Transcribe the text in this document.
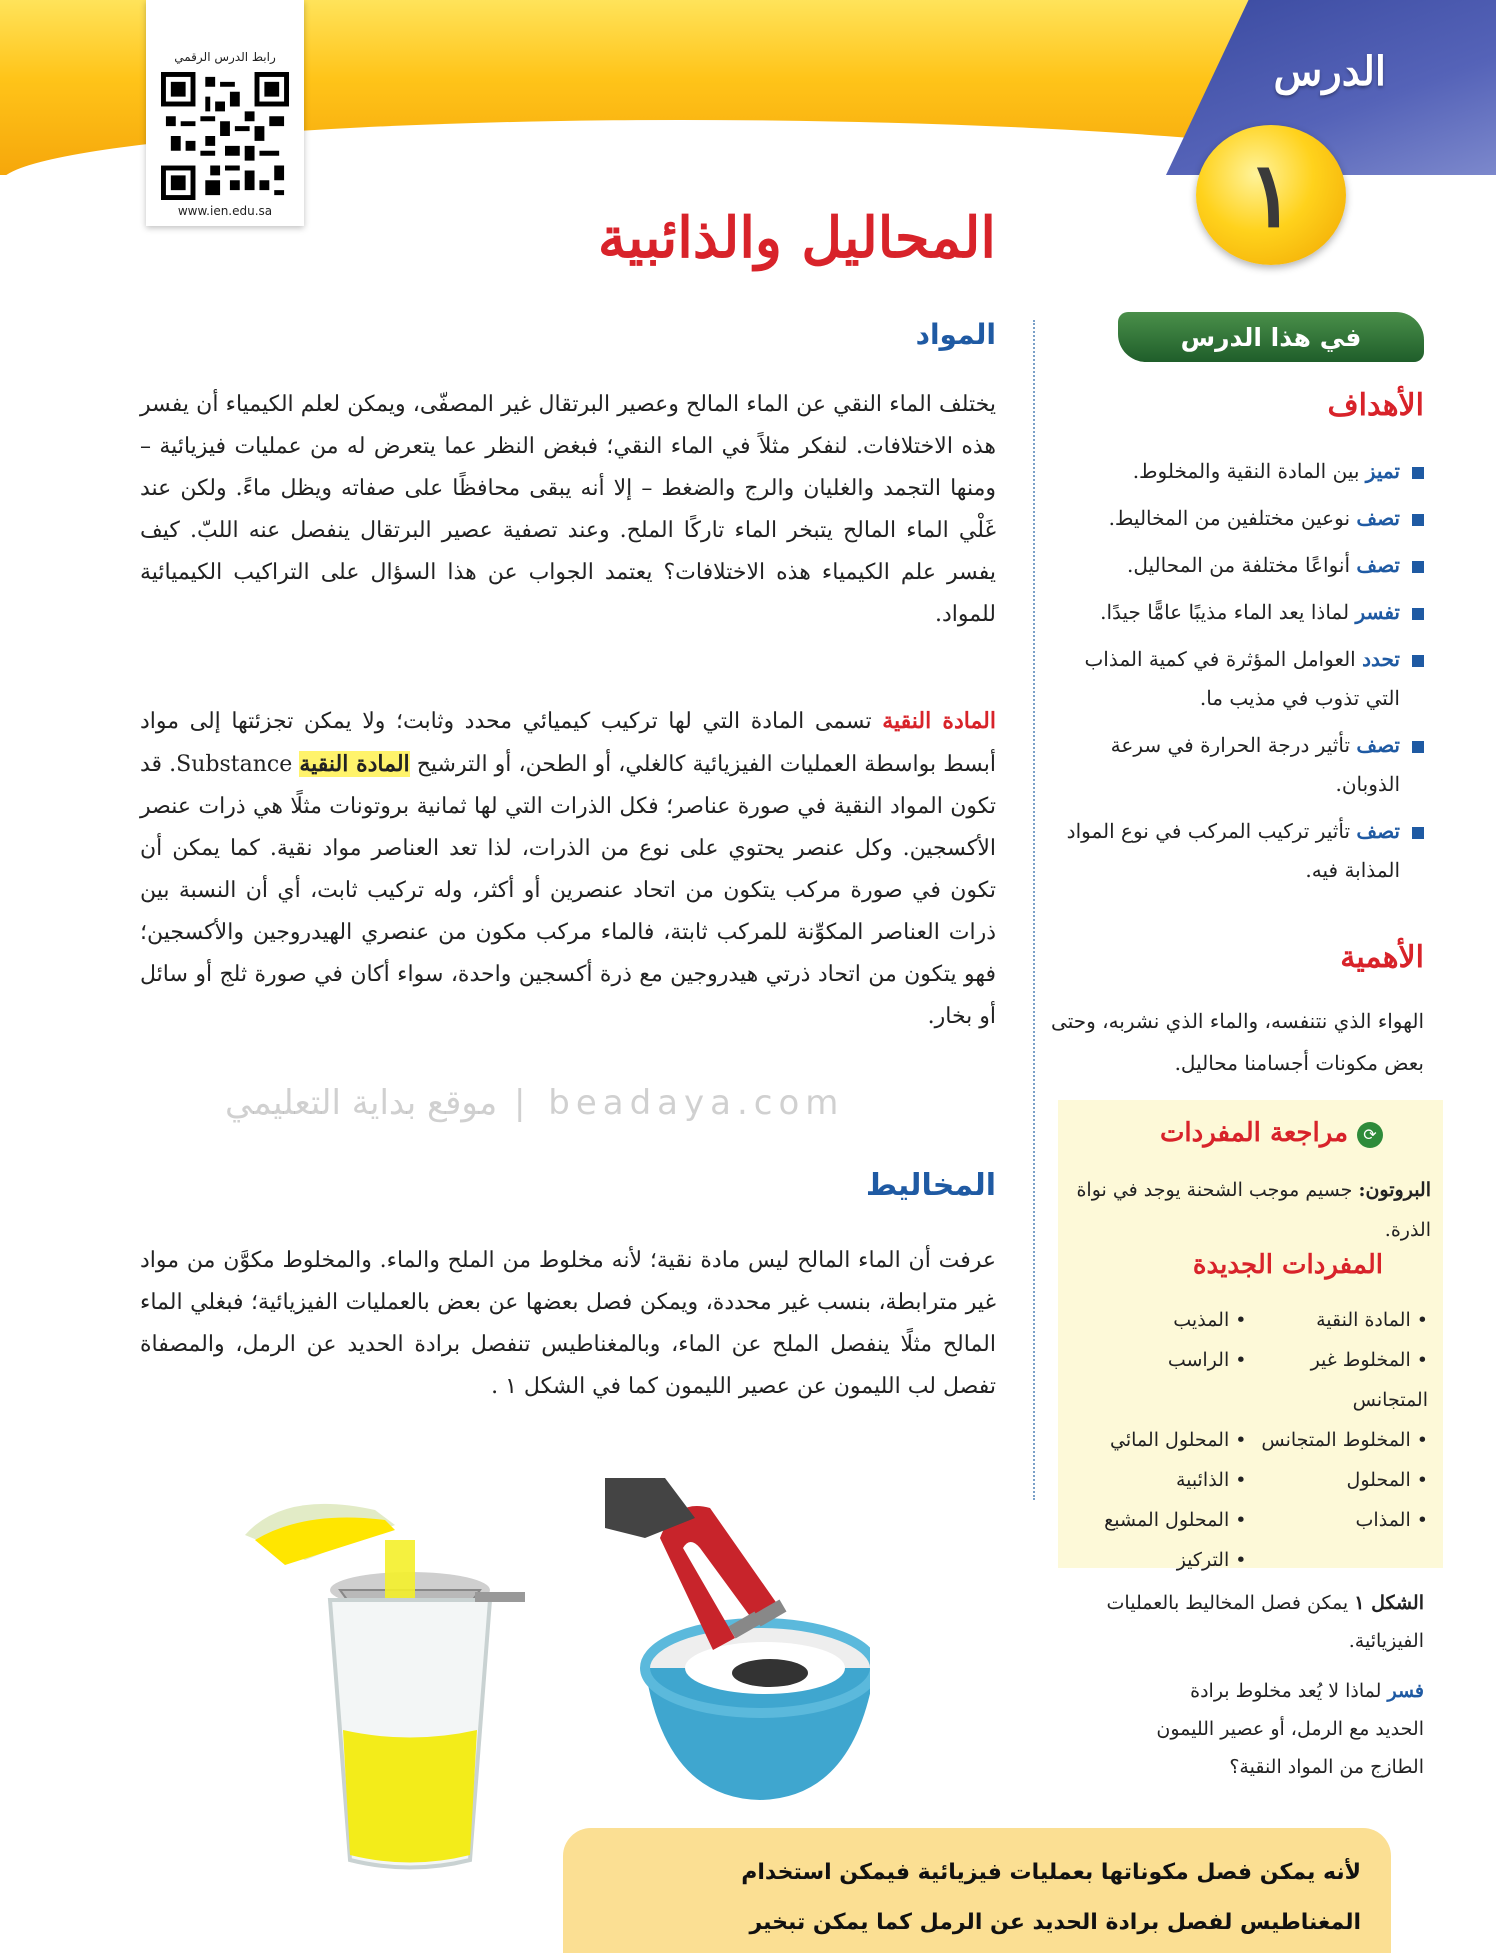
الدرس
١
رابط الدرس الرقمي
www.ien.edu.sa	المحاليل والذائبية
المواد
يختلف الماء النقي عن الماء المالح وعصير البرتقال غير المصفّى، ويمكن لعلم الكيمياء أن يفسر هذه الاختلافات. لنفكر مثلاً في الماء النقي؛ فبغض النظر عما يتعرض له من عمليات فيزيائية – ومنها التجمد والغليان والرج والضغط – إلا أنه يبقى محافظًا على صفاته ويظل ماءً. ولكن عند غَلْي الماء المالح يتبخر الماء تاركًا الملح. وعند تصفية عصير البرتقال ينفصل عنه اللبّ. كيف يفسر علم الكيمياء هذه الاختلافات؟ يعتمد الجواب عن هذا السؤال على التراكيب الكيميائية للمواد.
المادة النقية تسمى المادة التي لها تركيب كيميائي محدد وثابت؛ ولا يمكن تجزئتها إلى مواد أبسط بواسطة العمليات الفيزيائية كالغلي، أو الطحن، أو الترشيح المادة النقية Substance. قد تكون المواد النقية في صورة عناصر؛ فكل الذرات التي لها ثمانية بروتونات مثلًا هي ذرات عنصر الأكسجين. وكل عنصر يحتوي على نوع من الذرات، لذا تعد العناصر مواد نقية. كما يمكن أن تكون في صورة مركب يتكون من اتحاد عنصرين أو أكثر، وله تركيب ثابت، أي أن النسبة بين ذرات العناصر المكوِّنة للمركب ثابتة، فالماء مركب مكون من عنصري الهيدروجين والأكسجين؛ فهو يتكون من اتحاد ذرتي هيدروجين مع ذرة أكسجين واحدة، سواء أكان في صورة ثلج أو سائل أو بخار.
beadaya.com | موقع بداية التعليمي
المخاليط
عرفت أن الماء المالح ليس مادة نقية؛ لأنه مخلوط من الملح والماء. والمخلوط مكوَّن من مواد غير مترابطة، بنسب غير محددة، ويمكن فصل بعضها عن بعض بالعمليات الفيزيائية؛ فبغلي الماء المالح مثلًا ينفصل الملح عن الماء، وبالمغناطيس تنفصل برادة الحديد عن الرمل، والمصفاة تفصل لب الليمون عن عصير الليمون كما في الشكل ١ .
في هذا الدرس
الأهداف
تميز بين المادة النقية والمخلوط.
تصف نوعين مختلفين من المخاليط.
تصف أنواعًا مختلفة من المحاليل.
تفسر لماذا يعد الماء مذيبًا عامًّا جيدًا.
تحدد العوامل المؤثرة في كمية المذاب التي تذوب في مذيب ما.
تصف تأثير درجة الحرارة في سرعة الذوبان.
تصف تأثير تركيب المركب في نوع المواد المذابة فيه.
الأهمية
الهواء الذي نتنفسه، والماء الذي نشربه، وحتى بعض مكونات أجسامنا محاليل.
⟳
مراجعة المفردات
البروتون: جسيم موجب الشحنة يوجد في نواة الذرة.
المفردات الجديدة
• المادة النقية
• المذيب
• المخلوط غير المتجانس
• الراسب
• المخلوط المتجانس
• المحلول المائي
• المحلول
• الذائبية
• المذاب
• المحلول المشبع
• التركيز
الشكل ١ يمكن فصل المخاليط بالعمليات الفيزيائية.
فسر لماذا لا يُعد مخلوط برادة الحديد مع الرمل، أو عصير الليمون الطازج من المواد النقية؟
لأنه يمكن فصل مكوناتها بعمليات فيزيائية فيمكن استخدام
المغناطيس لفصل برادة الحديد عن الرمل كما يمكن تبخير
